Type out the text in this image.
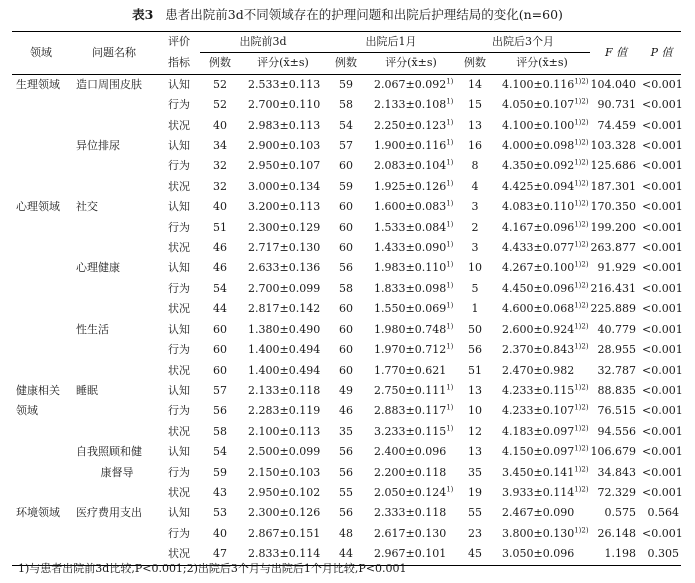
表3 患者出院前3d不同领域存在的护理问题和出院后护理结局的变化(n=60)
领域	问题名称	评价	出院前3d		出院后1月		出院后3个月		F 值	P 值
		指标	例数	评分(x̄±s)	例数	评分(x̄±s)	例数	评分(x̄±s)		
生理领域	造口周围皮肤	认知	52	2.533±0.113	59	$2.067\pm 0.092^{1)}$	14	$4.100\pm 0.116^{1)2)}$	104.040	<0.001
		行为	52	2.700±0.110	58	$2.133\pm 0.108^{1)}$	15	$4.050\pm 0.107^{1)2)}$	90.731	<0.001
		状况	40	2.983±0.113	54	$2.250\pm 0.123^{1)}$	13	$4.100\pm 0.100^{1)2)}$	74.459	<0.001
	异位排尿	认知	34	2.900±0.103	57	$1.900\pm 0.116^{1)}$	16	$4.000\pm 0.098^{1)2)}$	103.328	<0.001
		行为	32	2.950±0.107	60	$2.083\pm 0.104^{1)}$	8	$4.350\pm 0.092^{1)2)}$	125.686	<0.001
		状况	32	3.000±0.134	59	$1.925\pm 0.126^{1)}$	4	$4.425\pm 0.094^{1)2)}$	187.301	<0.001
心理领域	社交	认知	40	3.200±0.113	60	$1.600\pm 0.083^{1)}$	3	$4.083\pm 0.110^{1)2)}$	170.350	<0.001
		行为	51	2.300±0.129	60	$1.533\pm 0.084^{1)}$	2	$4.167\pm 0.096^{1)2)}$	199.200	<0.001
		状况	46	2.717±0.130	60	$1.433\pm 0.090^{1)}$	3	$4.433\pm 0.077^{1)2)}$	263.877	<0.001
	心理健康	认知	46	2.633±0.136	56	$1.983\pm 0.110^{1)}$	10	$4.267\pm 0.100^{1)2)}$	91.929	<0.001
		行为	54	2.700±0.099	58	$1.833\pm 0.098^{1)}$	5	$4.450\pm 0.096^{1)2)}$	216.431	<0.001
		状况	44	2.817±0.142	60	$1.550\pm 0.069^{1)}$	1	$4.600\pm 0.068^{1)2)}$	225.889	<0.001
	性生活	认知	60	1.380±0.490	60	$1.980\pm 0.748^{1)}$	50	$2.600\pm 0.924^{1)2)}$	40.779	<0.001
		行为	60	1.400±0.494	60	$1.970\pm 0.712^{1)}$	56	$2.370\pm 0.843^{1)2)}$	28.955	<0.001
		状况	60	1.400±0.494	60	1.770±0.621	51	2.470±0.982	32.787	<0.001
健康相关	睡眠	认知	57	2.133±0.118	49	$2.750\pm 0.111^{1)}$	13	$4.233\pm 0.115^{1)2)}$	88.835	<0.001
领域		行为	56	2.283±0.119	46	$2.883\pm 0.117^{1)}$	10	$4.233\pm 0.107^{1)2)}$	76.515	<0.001
		状况	58	2.100±0.113	35	$3.233\pm 0.115^{1)}$	12	$4.183\pm 0.097^{1)2)}$	94.556	<0.001
	自我照顾和健	认知	54	2.500±0.099	56	2.400±0.096	13	$4.150\pm 0.097^{1)2)}$	106.679	<0.001
	康督导	行为	59	2.150±0.103	56	2.200±0.118	35	$3.450\pm 0.141^{1)2)}$	34.843	<0.001
		状况	43	2.950±0.102	55	$2.050\pm 0.124^{1)}$	19	$3.933\pm 0.114^{1)2)}$	72.329	<0.001
环境领域	医疗费用支出	认知	53	2.300±0.126	56	2.333±0.118	55	2.467±0.090	0.575	0.564
		行为	40	2.867±0.151	48	2.617±0.130	23	$3.800\pm 0.130^{1)2)}$	26.148	<0.001
		状况	47	2.833±0.114	44	2.967±0.101	45	3.050±0.096	1.198	0.305
1)与患者出院前3d比较,P<0.001;2)出院后3个月与出院后1个月比较,P<0.001
